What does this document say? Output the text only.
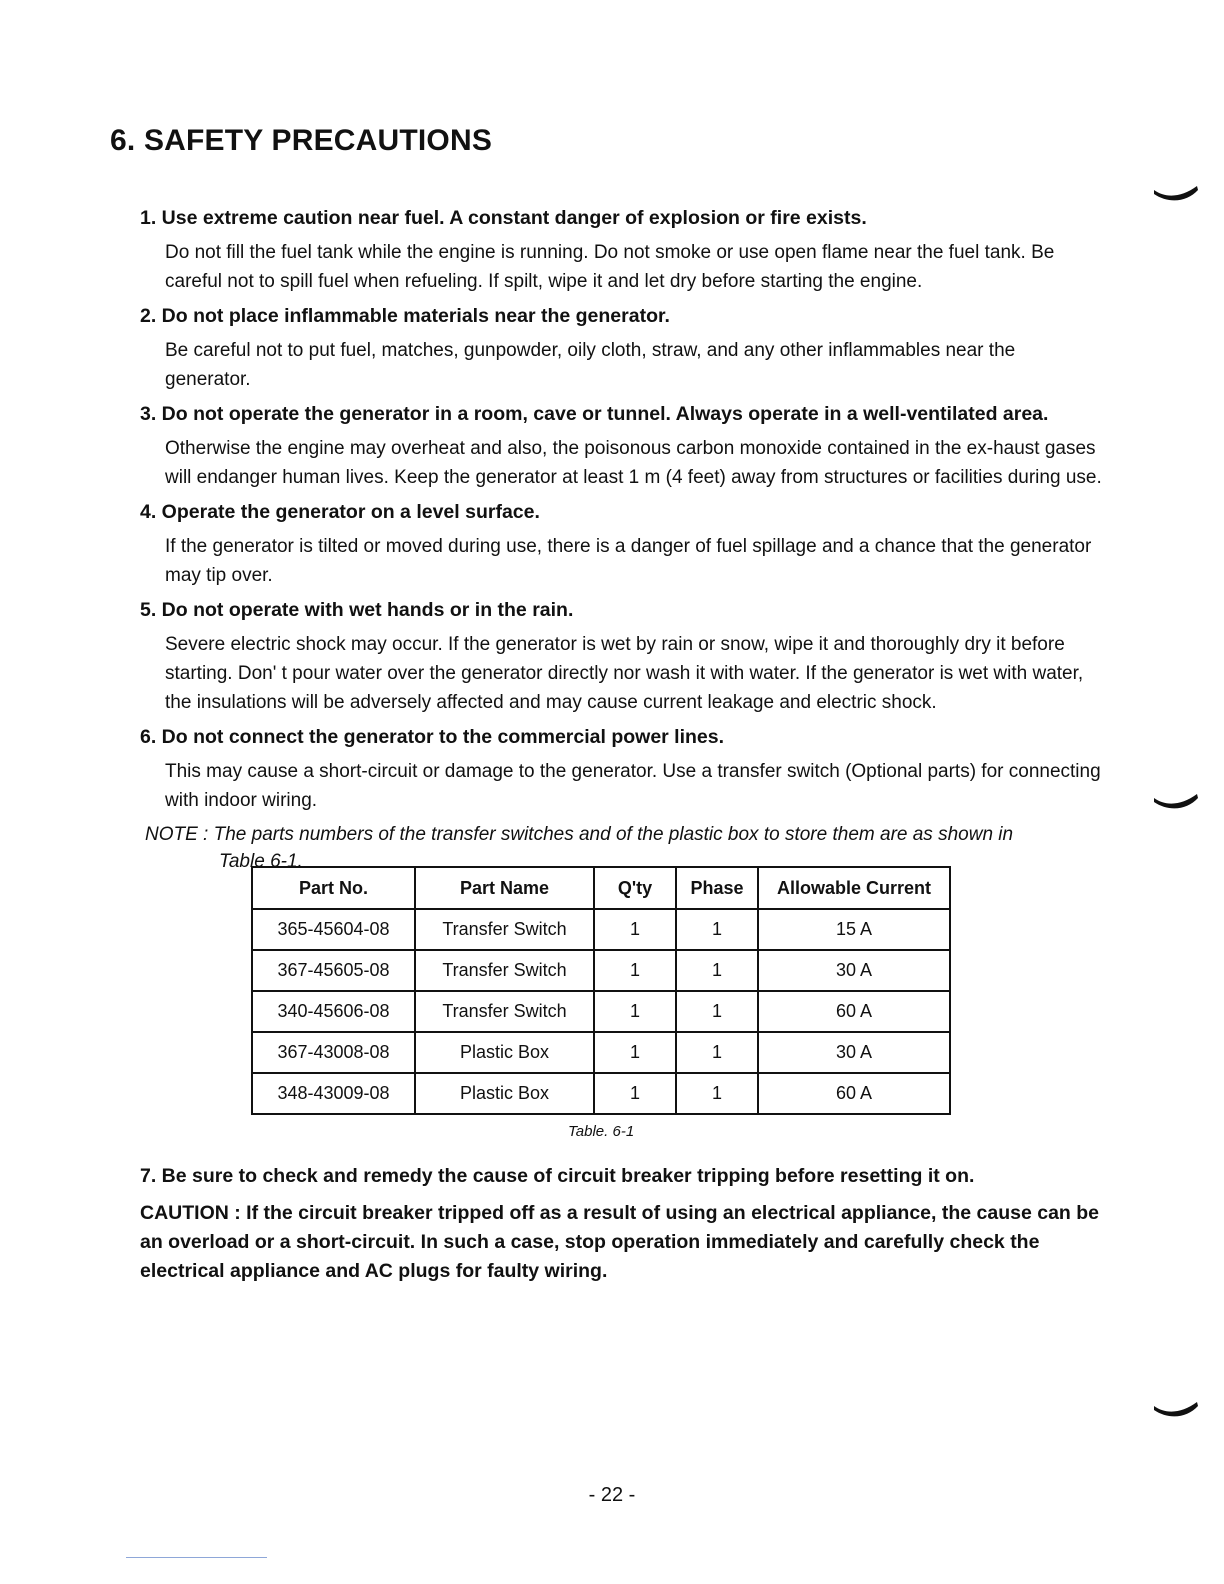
6. SAFETY PRECAUTIONS

1. Use extreme caution near fuel. A constant danger of explosion or fire exists.

Do not fill the fuel tank while the engine is running. Do not smoke or use open flame near the fuel tank. Be careful not to spill fuel when refueling. If spilt, wipe it and let dry before starting the engine.

2. Do not place inflammable materials near the generator.

Be careful not to put fuel, matches, gunpowder, oily cloth, straw, and any other inflammables near the generator.

3. Do not operate the generator in a room, cave or tunnel. Always operate in a well-ventilated area.

Otherwise the engine may overheat and also, the poisonous carbon monoxide contained in the ex-haust gases will endanger human lives. Keep the generator at least 1 m (4 feet) away from structures or facilities during use.

4. Operate the generator on a level surface.

If the generator is tilted or moved during use, there is a danger of fuel spillage and a chance that the generator may tip over.

5. Do not operate with wet hands or in the rain.

Severe electric shock may occur. If the generator is wet by rain or snow, wipe it and thoroughly dry it before starting. Don' t pour water over the generator directly nor wash it with water. If the generator is wet with water, the insulations will be adversely affected and may cause current leakage and electric shock.

6. Do not connect the generator to the commercial power lines.

This may cause a short-circuit or damage to the generator. Use a transfer switch (Optional parts) for connecting with indoor wiring.

NOTE : The parts numbers of the transfer switches and of the plastic box to store them are as shown in
Table 6-1.
Part No.	Part Name	Q'ty	Phase	Allowable Current
365-45604-08	Transfer Switch	1	1	15 A
367-45605-08	Transfer Switch	1	1	30 A
340-45606-08	Transfer Switch	1	1	60 A
367-43008-08	Plastic Box	1	1	30 A
348-43009-08	Plastic Box	1	1	60 A
Table. 6-1

7. Be sure to check and remedy the cause of circuit breaker tripping before resetting it on.

CAUTION : If the circuit breaker tripped off as a result of using an electrical appliance, the cause can be an overload or a short-circuit. In such a case, stop operation immediately and carefully check the electrical appliance and AC plugs for faulty wiring.
- 22 -
